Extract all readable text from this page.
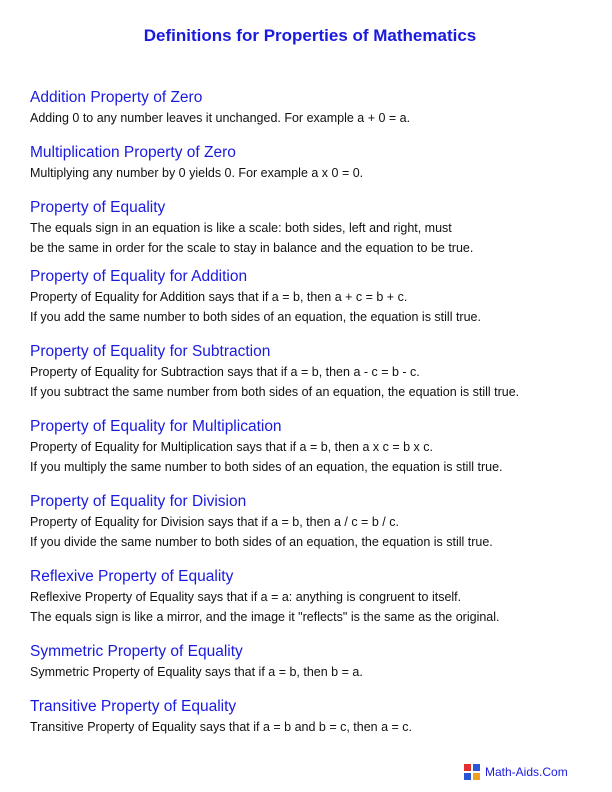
Definitions for Properties of Mathematics
Addition Property of Zero
Adding 0 to any number leaves it unchanged. For example a + 0 = a.
Multiplication Property of Zero
Multiplying any number by 0 yields 0. For example a x 0 = 0.
Property of Equality
The equals sign in an equation is like a scale: both sides, left and right, must
be the same in order for the scale to stay in balance and the equation to be true.
Property of Equality for Addition
Property of Equality for Addition says that if a = b, then a + c = b + c.
If you add the same number to both sides of an equation, the equation is still true.
Property of Equality for Subtraction
Property of Equality for Subtraction says that if a = b, then a - c = b - c.
If you subtract the same number from both sides of an equation, the equation is still true.
Property of Equality for Multiplication
Property of Equality for Multiplication says that if a = b, then a x c = b x c.
If you multiply the same number to both sides of an equation, the equation is still true.
Property of Equality for Division
Property of Equality for Division says that if a = b, then a / c = b / c.
If you divide the same number to both sides of an equation, the equation is still true.
Reflexive Property of Equality
Reflexive Property of Equality says that if a = a: anything is congruent to itself.
The equals sign is like a mirror, and the image it "reflects" is the same as the original.
Symmetric Property of Equality
Symmetric Property of Equality says that if a = b, then b = a.
Transitive Property of Equality
Transitive Property of Equality says that if a = b and b = c, then a = c.
Math-Aids.Com
